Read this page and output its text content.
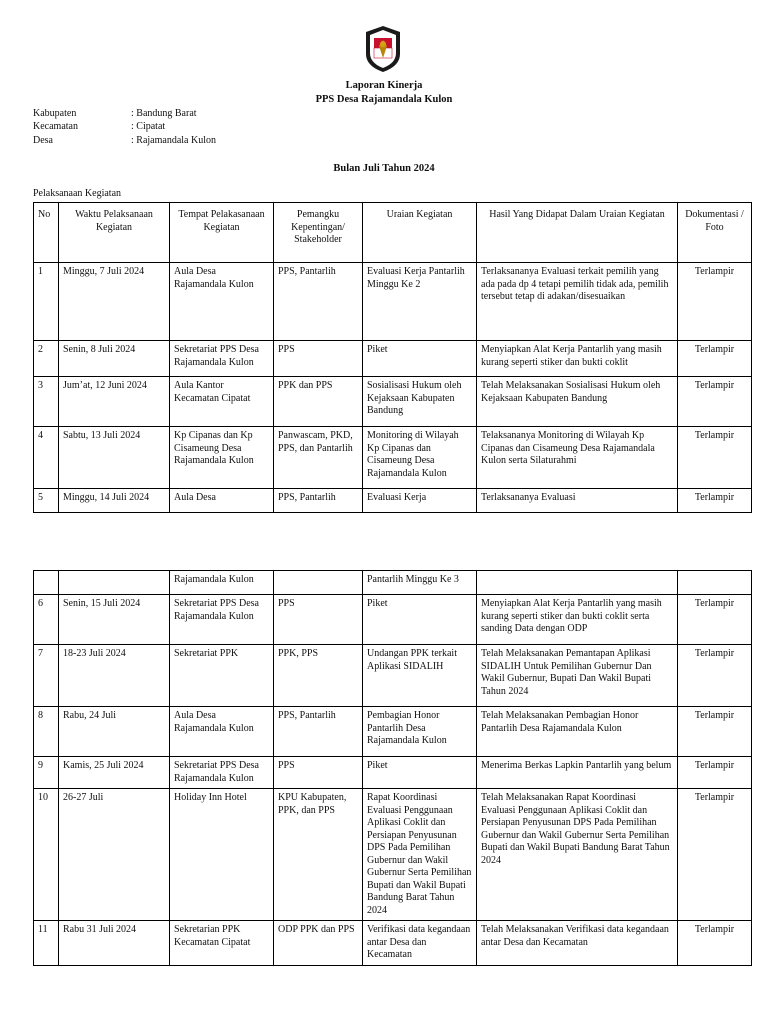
Laporan Kinerja
PPS Desa Rajamandala Kulon
Kabupaten	: Bandung Barat
Kecamatan	: Cipatat
Desa	: Rajamandala Kulon
Bulan Juli Tahun 2024
Pelaksanaan Kegiatan
No	Waktu Pelaksanaan Kegiatan	Tempat Pelakasanaan Kegiatan	Pemangku Kepentingan/ Stakeholder	Uraian Kegiatan	Hasil Yang Didapat Dalam Uraian Kegiatan	Dokumentasi / Foto
1	Minggu, 7 Juli 2024	Aula Desa Rajamandala Kulon	PPS, Pantarlih	Evaluasi Kerja Pantarlih Minggu Ke 2	Terlaksananya Evaluasi terkait pemilih yang ada pada dp 4 tetapi pemilih tidak ada, pemilih tersebut tetap di adakan/disesuaikan	Terlampir
2	Senin, 8 Juli 2024	Sekretariat PPS Desa Rajamandala Kulon	PPS	Piket	Menyiapkan Alat Kerja Pantarlih yang masih kurang seperti stiker dan bukti coklit	Terlampir
3	Jum’at, 12 Juni 2024	Aula Kantor Kecamatan Cipatat	PPK dan PPS	Sosialisasi Hukum oleh Kejaksaan Kabupaten Bandung	Telah Melaksanakan Sosialisasi Hukum oleh Kejaksaan Kabupaten Bandung	Terlampir
4	Sabtu, 13 Juli 2024	Kp Cipanas dan Kp Cisameung Desa Rajamandala Kulon	Panwascam, PKD, PPS, dan Pantarlih	Monitoring di Wilayah Kp Cipanas dan Cisameung Desa Rajamandala Kulon	Telaksananya Monitoring di Wilayah Kp Cipanas dan Cisameung Desa Rajamandala Kulon serta Silaturahmi	Terlampir
5	Minggu, 14 Juli 2024	Aula Desa	PPS, Pantarlih	Evaluasi Kerja	Terlaksananya Evaluasi	Terlampir
		Rajamandala Kulon		Pantarlih Minggu Ke 3		
6	Senin, 15 Juli 2024	Sekretariat PPS Desa Rajamandala Kulon	PPS	Piket	Menyiapkan Alat Kerja Pantarlih yang masih kurang seperti stiker dan bukti coklit serta sanding Data dengan ODP	Terlampir
7	18-23 Juli 2024	Sekretariat PPK	PPK, PPS	Undangan PPK terkait Aplikasi SIDALIH	Telah Melaksanakan Pemantapan Aplikasi SIDALIH Untuk Pemilihan Gubernur Dan Wakil Gubernur, Bupati Dan Wakil Bupati Tahun 2024	Terlampir
8	Rabu, 24 Juli	Aula Desa Rajamandala Kulon	PPS, Pantarlih	Pembagian Honor Pantarlih Desa Rajamandala Kulon	Telah Melaksanakan Pembagian Honor Pantarlih Desa Rajamandala Kulon	Terlampir
9	Kamis, 25 Juli 2024	Sekretariat PPS Desa Rajamandala Kulon	PPS	Piket	Menerima Berkas Lapkin Pantarlih yang belum	Terlampir
10	26-27 Juli	Holiday Inn Hotel	KPU Kabupaten, PPK, dan PPS	Rapat Koordinasi Evaluasi Penggunaan Aplikasi Coklit dan Persiapan Penyusunan DPS Pada Pemilihan Gubernur dan Wakil Gubernur Serta Pemilihan Bupati dan Wakil Bupati Bandung Barat Tahun 2024	Telah Melaksanakan Rapat Koordinasi Evaluasi Penggunaan Aplikasi Coklit dan Persiapan Penyusunan DPS Pada Pemilihan Gubernur dan Wakil Gubernur Serta Pemilihan Bupati dan Wakil Bupati Bandung Barat Tahun 2024	Terlampir
11	Rabu 31 Juli 2024	Sekretarian PPK Kecamatan Cipatat	ODP PPK dan PPS	Verifikasi data kegandaan antar Desa dan Kecamatan	Telah Melaksanakan Verifikasi data kegandaan antar Desa dan Kecamatan	Terlampir
